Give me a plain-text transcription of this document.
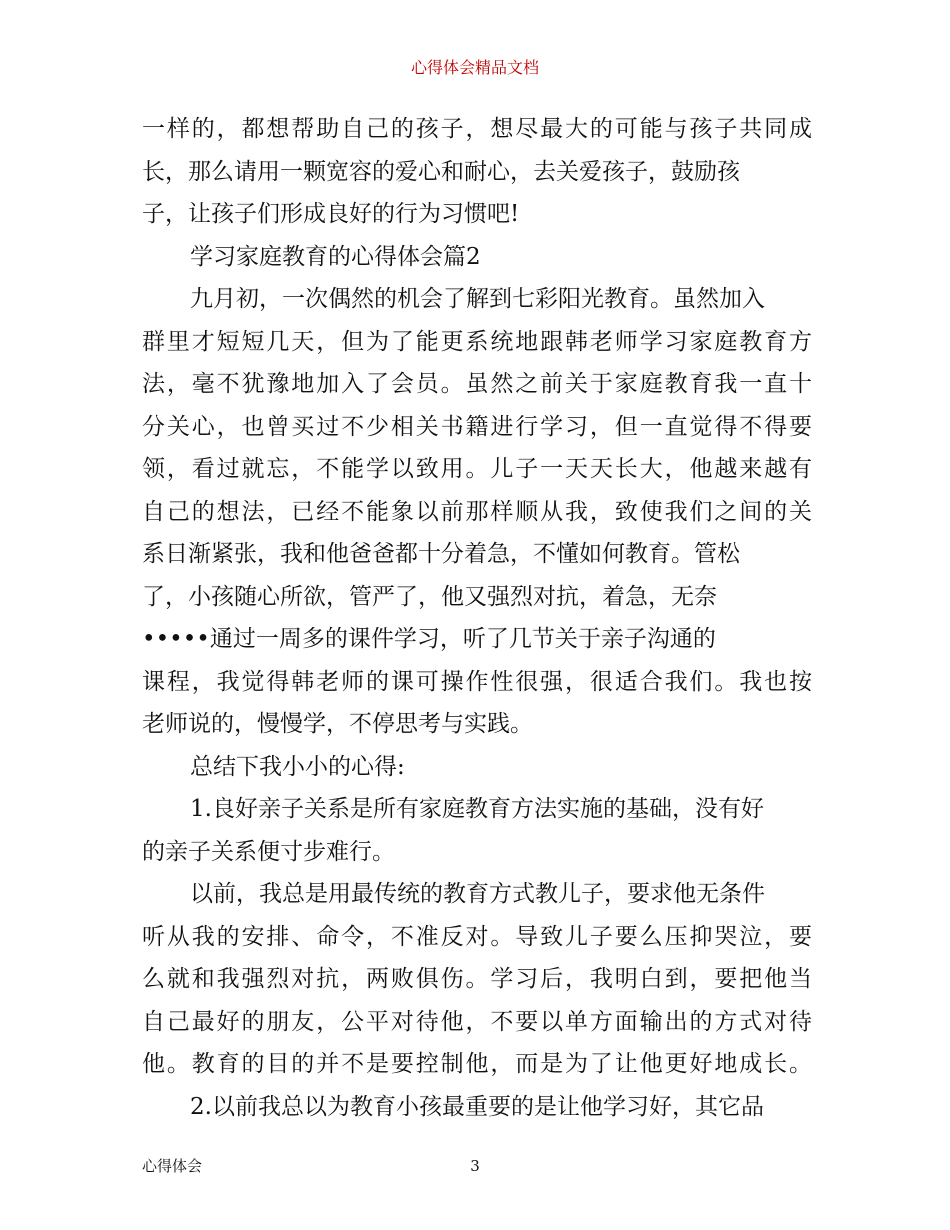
心得体会精品文档
一样的，都想帮助自己的孩子，想尽最大的可能与孩子共同成
长，那么请用一颗宽容的爱心和耐心，去关爱孩子，鼓励孩
子，让孩子们形成良好的行为习惯吧!
学习家庭教育的心得体会篇2
九月初，一次偶然的机会了解到七彩阳光教育。虽然加入
群里才短短几天，但为了能更系统地跟韩老师学习家庭教育方
法，毫不犹豫地加入了会员。虽然之前关于家庭教育我一直十
分关心，也曾买过不少相关书籍进行学习，但一直觉得不得要
领，看过就忘，不能学以致用。儿子一天天长大，他越来越有
自己的想法，已经不能象以前那样顺从我，致使我们之间的关
系日渐紧张，我和他爸爸都十分着急，不懂如何教育。管松
了，小孩随心所欲，管严了，他又强烈对抗，着急，无奈
•••••通过一周多的课件学习，听了几节关于亲子沟通的
课程，我觉得韩老师的课可操作性很强，很适合我们。我也按
老师说的，慢慢学，不停思考与实践。
总结下我小小的心得:
1.良好亲子关系是所有家庭教育方法实施的基础，没有好
的亲子关系便寸步难行。
以前，我总是用最传统的教育方式教儿子，要求他无条件
听从我的安排、命令，不准反对。导致儿子要么压抑哭泣，要
么就和我强烈对抗，两败俱伤。学习后，我明白到，要把他当
自己最好的朋友，公平对待他，不要以单方面输出的方式对待
他。教育的目的并不是要控制他，而是为了让他更好地成长。
2.以前我总以为教育小孩最重要的是让他学习好，其它品
心得体会	3
